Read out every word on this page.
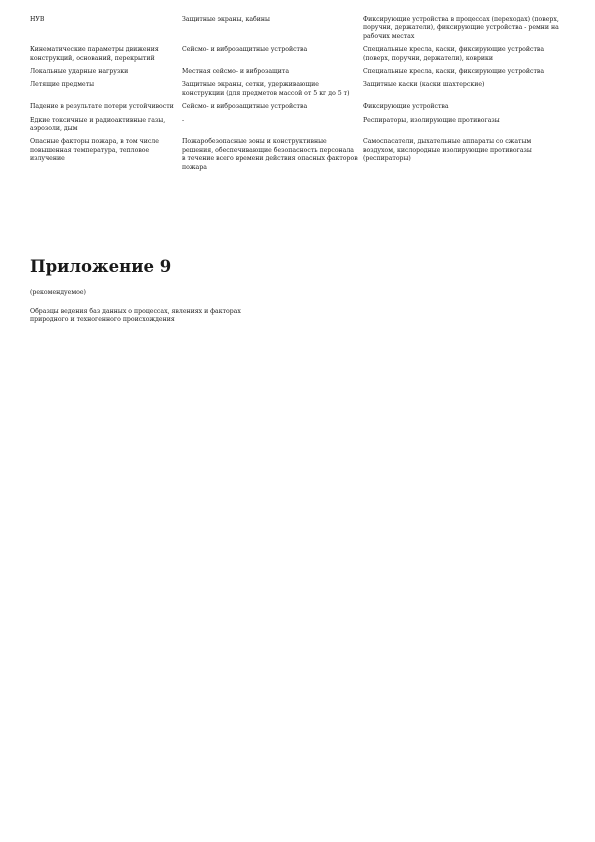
НУВ	Защитные экраны, кабины	Фиксирующие устройства в процессах (переходах) (поверх, поручни, держатели), фиксирующие устройства - ремни на рабочих местах
Кинематические параметры движения конструкций, оснований, перекрытий	Сейсмо- и виброзащитные устройства	Специальные кресла, каски, фиксирующие устройства (поверх, поручни, держатели), коврики
Локальные ударные нагрузки	Местная сейсмо- и виброзащита	Специальные кресла, каски, фиксирующие устройства
Летящие предметы	Защитные экраны, сетки, удерживающие конструкции (для предметов массой от 5 кг до 5 т)	Защитные каски (каски шахтерские)
Падение в результате потери устойчивости	Сейсмо- и виброзащитные устройства	Фиксирующие устройства
Едкие токсичные и радиоактивные газы, аэрозоли, дым	-	Респираторы, изолирующие противогазы
Опасные факторы пожара, в том числе повышенная температура, тепловое излучение	Пожаробезопасные зоны и конструктивные решения, обеспечивающие безопасность персонала в течение всего времени действия опасных факторов пожара	Самоспасатели, дыхательные аппараты со сжатым воздухом, кислородные изолирующие противогазы (респираторы)
Приложение 9
(рекомендуемое)
Образцы ведения баз данных о процессах, явлениях и факторах природного и техногенного происхождения
